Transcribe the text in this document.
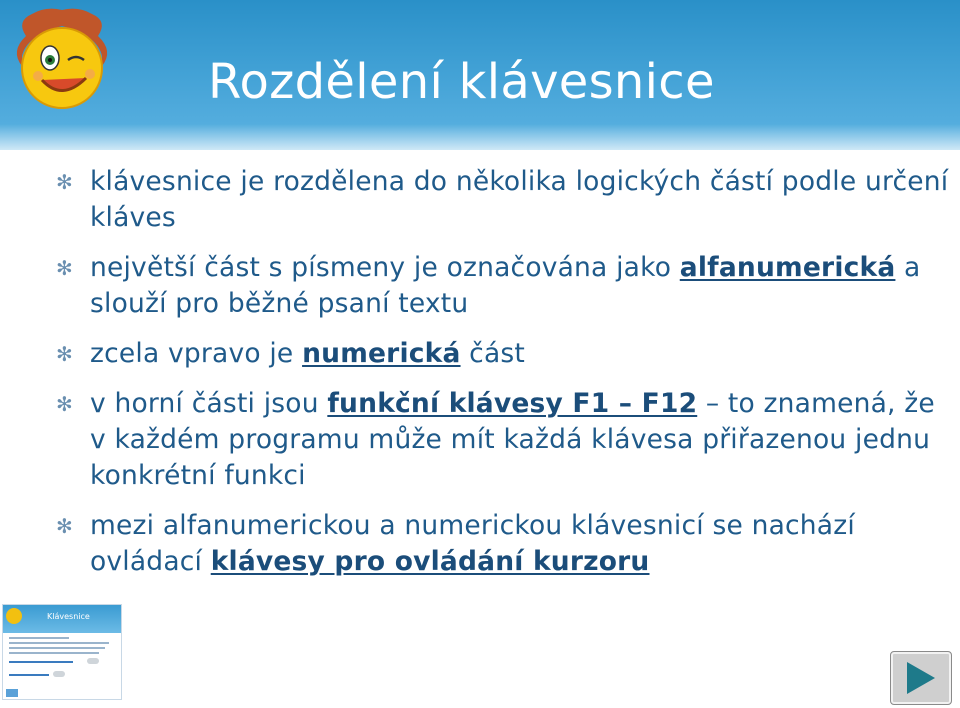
Rozdělení klávesnice
✻ klávesnice je rozdělena do několika logických částí podle určení kláves
✻ největší část s písmeny je označována jako alfanumerická a slouží pro běžné psaní textu
✻ zcela vpravo je numerická část
✻ v horní části jsou funkční klávesy F1 – F12 – to znamená, že v každém programu může mít každá klávesa přiřazenou jednu konkrétní funkci
✻ mezi alfanumerickou a numerickou klávesnicí se nachází ovládací klávesy pro ovládání kurzoru
Klávesnice
